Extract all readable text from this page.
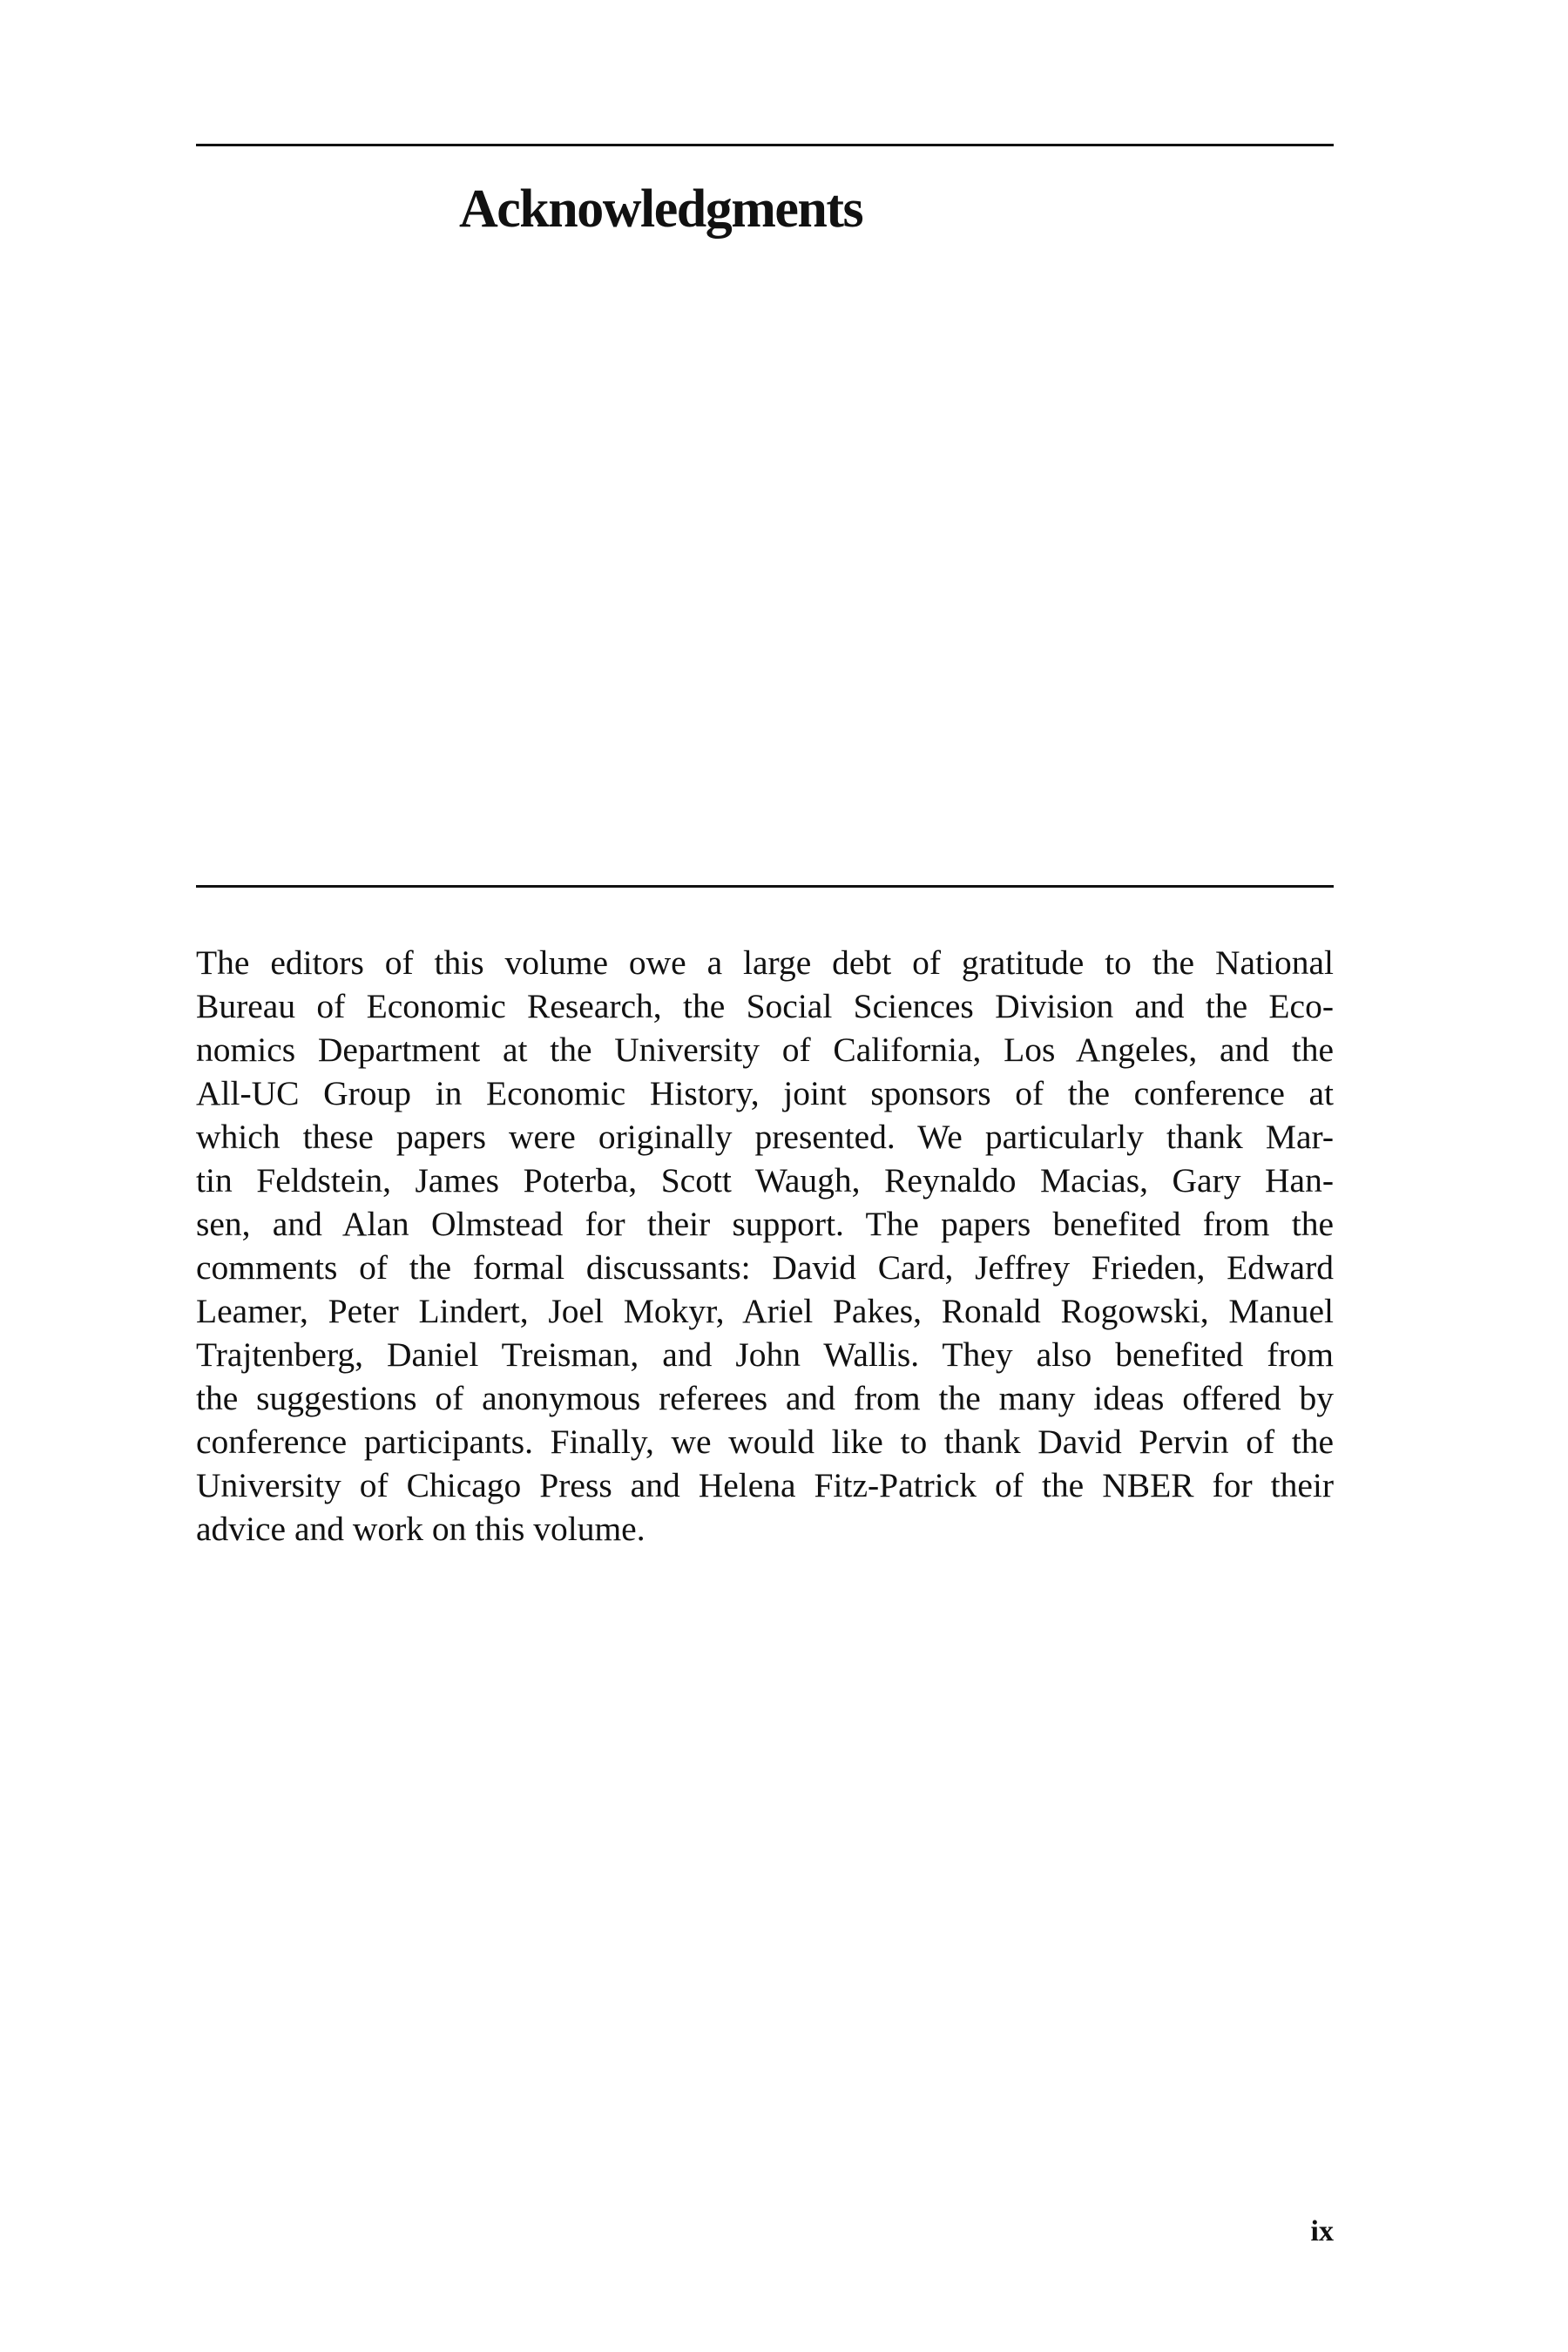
Acknowledgments
The editors of this volume owe a large debt of gratitude to the National
Bureau of Economic Research, the Social Sciences Division and the Eco-
nomics Department at the University of California, Los Angeles, and the
All-UC Group in Economic History, joint sponsors of the conference at
which these papers were originally presented. We particularly thank Mar-
tin Feldstein, James Poterba, Scott Waugh, Reynaldo Macias, Gary Han-
sen, and Alan Olmstead for their support. The papers benefited from the
comments of the formal discussants: David Card, Jeffrey Frieden, Edward
Leamer, Peter Lindert, Joel Mokyr, Ariel Pakes, Ronald Rogowski, Manuel
Trajtenberg, Daniel Treisman, and John Wallis. They also benefited from
the suggestions of anonymous referees and from the many ideas offered by
conference participants. Finally, we would like to thank David Pervin of the
University of Chicago Press and Helena Fitz-Patrick of the NBER for their
advice and work on this volume.
ix
